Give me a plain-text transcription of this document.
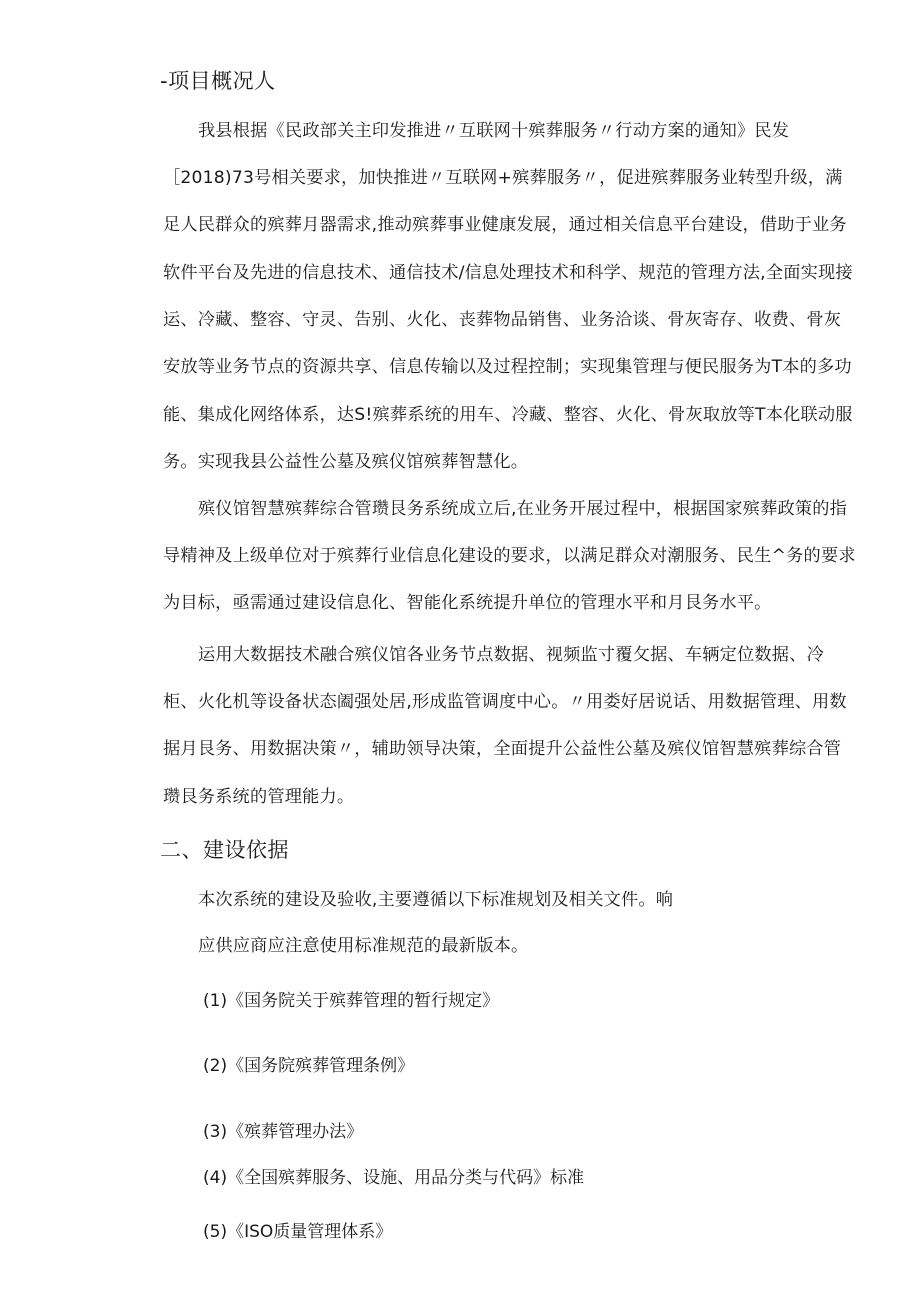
-项目概况人
我县根据《民政部关主印发推进〃互联网十殡葬服务〃行动方案的通知》民发
［2018)73号相关要求，加快推进〃互联网+殡葬服务〃，促进殡葬服务业转型升级，满
足人民群众的殡葬月器需求,推动殡葬事业健康发展，通过相关信息平台建设，借助于业务
软件平台及先进的信息技术、通信技术/信息处理技术和科学、规范的管理方法,全面实现接
运、冷藏、整容、守灵、告别、火化、丧葬物品销售、业务洽谈、骨灰寄存、收费、骨灰
安放等业务节点的资源共享、信息传输以及过程控制；实现集管理与便民服务为T本的多功
能、集成化网络体系，达S!殡葬系统的用车、冷藏、整容、火化、骨灰取放等T本化联动服
务。实现我县公益性公墓及殡仪馆殡葬智慧化。
殡仪馆智慧殡葬综合管瓒艮务系统成立后,在业务开展过程中，根据国家殡葬政策的指
导精神及上级单位对于殡葬行业信息化建设的要求，以满足群众对潮服务、民生^务的要求
为目标，亟需通过建设信息化、智能化系统提升单位的管理水平和月艮务水平。
运用大数据技术融合殡仪馆各业务节点数据、视频监寸覆攵据、车辆定位数据、冷
柜、火化机等设备状态阖强处居,形成监管调度中心。〃用娄好居说话、用数据管理、用数
据月艮务、用数据决策〃，辅助领导决策，全面提升公益性公墓及殡仪馆智慧殡葬综合管
瓒艮务系统的管理能力。
二、建设依据
本次系统的建设及验收,主要遵循以下标准规划及相关文件。响
应供应商应注意使用标准规范的最新版本。
(1)《国务院关于殡葬管理的暂行规定》
(2)《国务院殡葬管理条例》
(3)《殡葬管理办法》
(4)《全国殡葬服务、设施、用品分类与代码》标准
(5)《ISO质量管理体系》
